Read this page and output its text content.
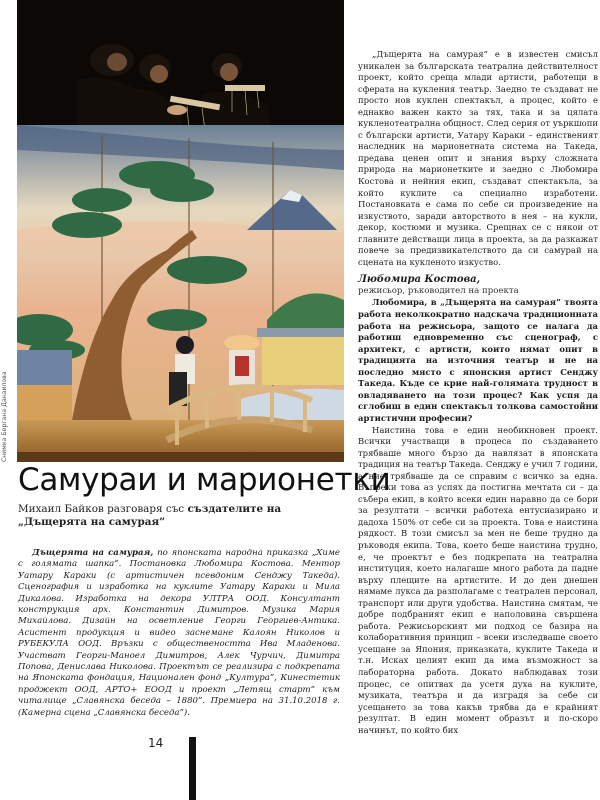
Снимка Бергана Данаилова
Самураи и марионетки
Михаил Байков разговаря със създателите на „Дъщерята на самурая”

Дъщерята на самурая, по японската народна приказка „Химе с голямата шапка”. Постановка Любомира Костова. Ментор Уатару Караки (с артистичен псевдоним Сенджу Такеда). Сценография и изработка на куклите Уатару Караки и Мила Дикалова. Изработка на декора УЛТРА ООД. Консултант конструкция арх. Константин Димитров. Музика Мария Михайлова. Дизайн на осветление Георги Георгиев-Антика. Асистент продукция и видео заснемане Калоян Николов и РУБЕКУЛА ООД. Връзки с обществеността Ива Младенова. Участват Георги-Маноел Димитров, Алек Чурчич, Димитра Попова, Денислава Николова. Проектът се реализира с подкрепата на Японската фондация, Национален фонд „Култура”, Кинестетик проджект ООД, АРТО+ ЕООД и проект „Летящ старт” към читалище „Славянска беседа – 1880”. Премиера на 31.10.2018 г. (Камерна сцена „Славянска беседа”).

„Дъщерята на самурая” е в известен смисъл уникален за българската театрална действителност проект, който среща млади артисти, работещи в сферата на кукления театър. Заедно те създават не просто нов куклен спектакъл, а процес, който е еднакво важен както за тях, така и за цялата кукленотеатрална общност. След серия от уъркшопи с български артисти, Уатару Караки – единственият наследник на марионетната система на Такеда, предава ценен опит и знания върху сложната природа на марионетките и заедно с Любомира Костова и нейния екип, създават спектакъла, за който куклите са специално изработени. Постановката е сама по себе си произведение на изкуството, заради авторството в нея – на кукли, декор, костюми и музика. Срещнах се с някои от главните действащи лица в проекта, за да разкажат повече за предизвикателството да си самурай на сцената на кукленото изкуство.

Любомира Костова,

режисьор, ръководител на проекта

Любомира, в „Дъщерята на самурая” твоята работа неколкократно надскача традиционната работа на режисьора, защото се налага да работиш едновременно със сценограф, с архитект, с артисти, които нямат опит в традицията на източния театър и не на последно място с японския артист Сенджу Такеда. Къде се крие най-голямата трудност в овладяването на този процес? Как успя да сглобиш в един спектакъл толкова самостойни артистични професии?

Наистина това е един необикновен проект. Всички участващи в процеса по създаването трябваше много бързо да навлязат в японската традиция на театър Такеда. Сенджу е учил 7 години, а ние трябваше да се справим с всичко за една. Въпреки това аз успях да постигна мечтата си – да събера екип, в който всеки един наравно да се бори за резултати – всички работеха ентусиазирано и дадоха 150% от себе си за проекта. Това е наистина рядкост. В този смисъл за мен не беше трудно да ръководя екипа. Това, което беше наистина трудно, е, че проектът е без подкрепата на театрална институция, което налагаше много работа да падне върху плещите на артистите. И до ден днешен нямаме лукса да разполагаме с театрален персонал, транспорт или други удобства. Наистина смятам, че добре подбраният екип е наполовина свършена работа. Режисьорският ми подход се базира на колаборативния принцип – всеки изследваше своето усещане за Япония, приказката, куклите Такеда и т.н. Исках целият екип да има възможност за лабораторна работа. Докато наблюдавах този процес, се опитвах да усетя духа на куклите, музиката, театъра и да изградя за себе си усещането за това какъв трябва да е крайният резултат. В един момент образът и по-скоро начинът, по който бих

14
